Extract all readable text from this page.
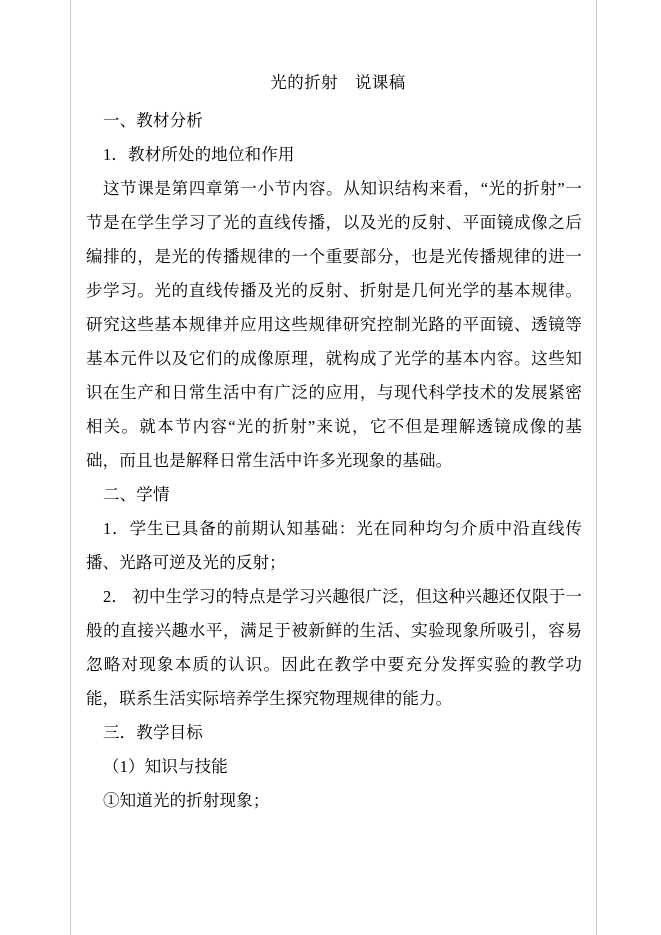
光的折射　说课稿

一、教材分析

1．教材所处的地位和作用

这节课是第四章第一小节内容。从知识结构来看，“光的折射”一节是在学生学习了光的直线传播，以及光的反射、平面镜成像之后编排的，是光的传播规律的一个重要部分，也是光传播规律的进一步学习。光的直线传播及光的反射、折射是几何光学的基本规律。研究这些基本规律并应用这些规律研究控制光路的平面镜、透镜等基本元件以及它们的成像原理，就构成了光学的基本内容。这些知识在生产和日常生活中有广泛的应用，与现代科学技术的发展紧密相关。就本节内容“光的折射”来说，它不但是理解透镜成像的基础，而且也是解释日常生活中许多光现象的基础。

二、学情

1．学生已具备的前期认知基础：光在同种均匀介质中沿直线传播、光路可逆及光的反射；

2． 初中生学习的特点是学习兴趣很广泛，但这种兴趣还仅限于一般的直接兴趣水平，满足于被新鲜的生活、实验现象所吸引，容易忽略对现象本质的认识。因此在教学中要充分发挥实验的教学功能，联系生活实际培养学生探究物理规律的能力。

三．教学目标

（1）知识与技能

①知道光的折射现象；
